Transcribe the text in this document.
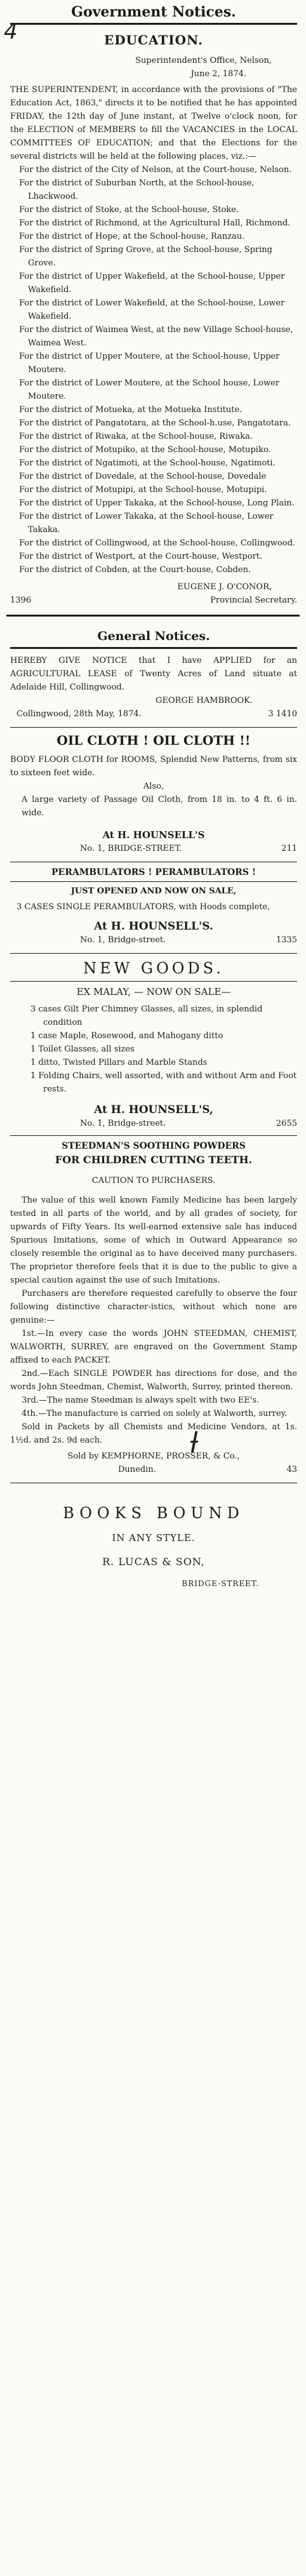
Government Notices.
4	EDUCATION.
Superintendent's Office, Nelson,
June 2, 1874.
THE SUPERINTENDENT, in accordance with the provisions of "The Education Act, 1863," directs it to be notified that he has appointed FRIDAY, the 12th day of June instant, at Twelve o'clock noon, for the ELECTION of MEMBERS to fill the VACANCIES in the LOCAL COMMITTEES OF EDUCATION; and that the Elections for the several districts will be held at the following places, viz.:—
For the district of the City of Nelson, at the Court-house, Nelson.
For the district of Suburban North, at the School-house, Lhackwood.
For the district of Stoke, at the School-house, Stoke.
For the district of Richmond, at the Agricultural Hall, Richmond.
For the district of Hope, at the School-house, Ranzau.
For the district of Spring Grove, at the School-house, Spring Grove.
For the district of Upper Wakefield, at the School-house, Upper Wakefield.
For the district of Lower Wakefield, at the School-house, Lower Wakefield.
For the district of Waimea West, at the new Village School-house, Waimea West.
For the district of Upper Moutere, at the School-house, Upper Moutere.
For the district of Lower Moutere, at the School house, Lower Moutere.
For the district of Motueka, at the Motueka Institute.
For the district of Pangatotara, at the School-h.use, Pangatotara.
For the district of Riwaka, at the School-house, Riwaka.
For the district of Motupiko, at the School-house, Motupiko.
For the district of Ngatimoti, at the School-house, Ngatimoti.
For the district of Dovedale, at the School-house, Dovedale
For the district of Motupipi, at the School-house, Motupipi.
For the district of Upper Takaka, at the School-house, Long Plain.
For the district of Lower Takaka, at the School-house, Lower Takaka.
For the district of Collingwood, at the School-house, Collingwood.
For the district of Westport, at the Court-house, Westport.
For the district of Cobden, at the Court-house, Cobden.
EUGENE J. O'CONOR,
1396	Provincial Secretary.
General Notices.
ƚ
HEREBY GIVE NOTICE that I have APPLIED for an AGRICULTURAL LEASE of Twenty Acres of Land situate at Adelaide Hill, Collingwood.
GEORGE HAMBROOK.
Collingwood, 28th May, 1874.	3 1410
OIL CLOTH ! OIL CLOTH !!
BODY FLOOR CLOTH for ROOMS, Splendid New Patterns, from six to sixteen feet wide.
Also,
A large variety of Passage Oil Cloth, from 18 in. to 4 ft. 6 in. wide.
At H. HOUNSELL'S
No. 1, BRIDGE-STREET.	211
PERAMBULATORS ! PERAMBULATORS !
JUST OPENED AND NOW ON SALE,
3 CASES SINGLE PERAMBULATORS, with Hoods complete,
At H. HOUNSELL'S.
No. 1, Bridge-street.	1335
NEW GOODS.
EX MALAY, — NOW ON SALE—
3 cases Gilt Pier Chimney Glasses, all sizes, in splendid condition
1 case Maple, Rosewood, and Mahogany ditto
1 Toilet Glasses, all sizes
1 ditto, Twisted Pillars and Marble Stands
1 Folding Chairs, well assorted, with and without Arm and Foot rests.
At H. HOUNSELL'S,
No. 1, Bridge-street.	2655
STEEDMAN'S SOOTHING POWDERS
FOR CHILDREN CUTTING TEETH.
CAUTION TO PURCHASERS.
The value of this well known Family Medicine has been largely tested in all parts of the world, and by all grades of society, for upwards of Fifty Years. Its well-earned extensive sale has induced Spurious Imitations, some of which in Outward Appearance so closely resemble the original as to have deceived many purchasers. The proprietor therefore feels that it is due to the public to give a special caution against the use of such Imitations.
Purchasers are therefore requested carefully to observe the four following distinctive character-istics, without which none are genuine:—
1st.—In every case the words JOHN STEEDMAN, CHEMIST, WALWORTH, SURREY, are engraved on the Government Stamp affixed to each PACKET.
2nd.—Each SINGLE POWDER has directions for dose, and the words John Steedman, Chemist, Walworth, Surrey, printed thereon.
3rd.—The name Steedman is always spelt with two EE's.
4th.—The manufacture is carried on solely at Walworth, surrey.
Sold in Packets by all Chemists and Medicine Vendors, at 1s. 1½d. and 2s. 9d each.
Sold by KEMPHORNE, PROSSER, & Co.,
Dunedin.	43
BOOKS BOUND
IN ANY STYLE.
R. LUCAS & SON,
BRIDGE-STREET.
